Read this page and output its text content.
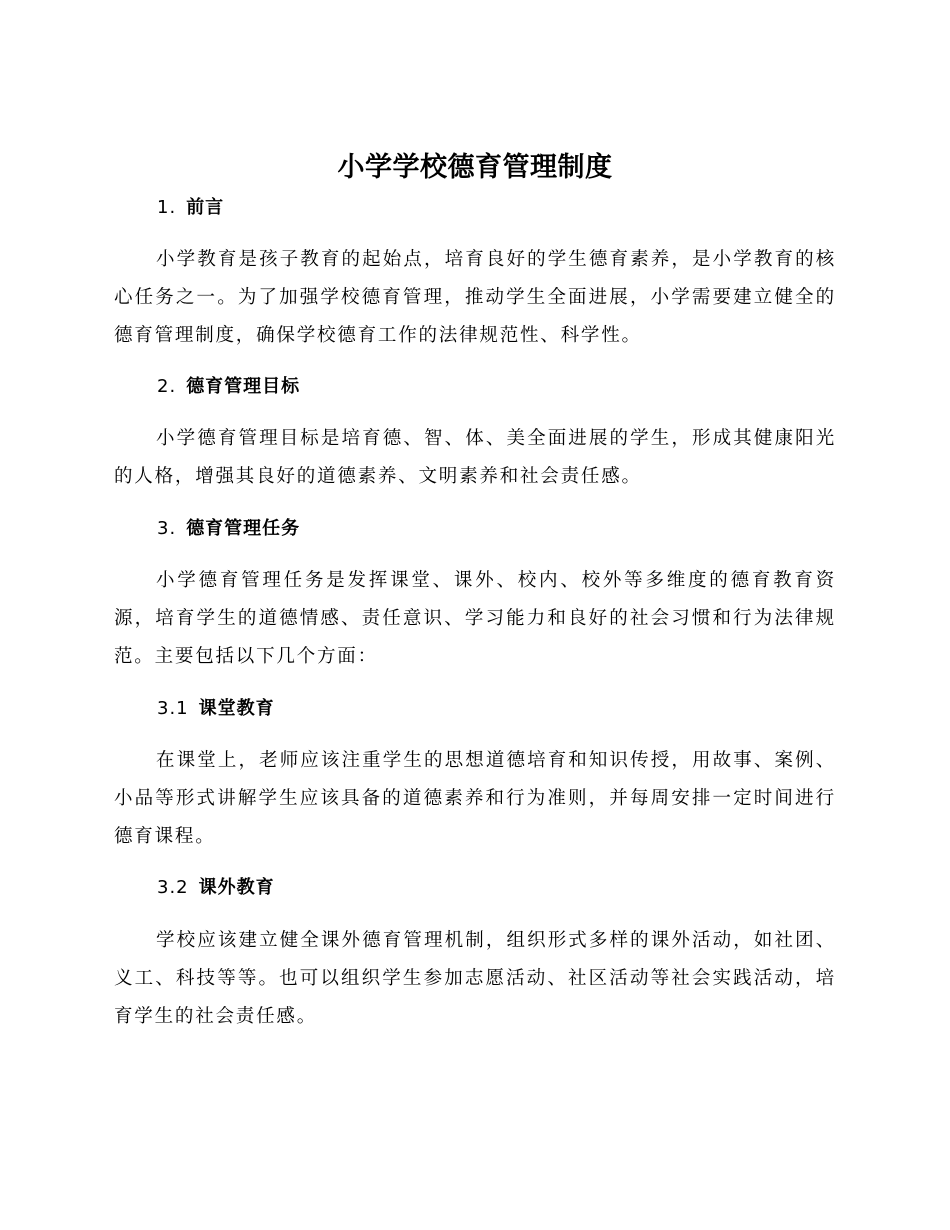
小学学校德育管理制度
1. 前言
小学教育是孩子教育的起始点，培育良好的学生德育素养，是小学教育的核心任务之一。为了加强学校德育管理，推动学生全面进展，小学需要建立健全的德育管理制度，确保学校德育工作的法律规范性、科学性。
2. 德育管理目标
小学德育管理目标是培育德、智、体、美全面进展的学生，形成其健康阳光的人格，增强其良好的道德素养、文明素养和社会责任感。
3. 德育管理任务
小学德育管理任务是发挥课堂、课外、校内、校外等多维度的德育教育资源，培育学生的道德情感、责任意识、学习能力和良好的社会习惯和行为法律规范。主要包括以下几个方面：
3.1 课堂教育
在课堂上，老师应该注重学生的思想道德培育和知识传授，用故事、案例、小品等形式讲解学生应该具备的道德素养和行为准则，并每周安排一定时间进行德育课程。
3.2 课外教育
学校应该建立健全课外德育管理机制，组织形式多样的课外活动，如社团、义工、科技等等。也可以组织学生参加志愿活动、社区活动等社会实践活动，培育学生的社会责任感。
